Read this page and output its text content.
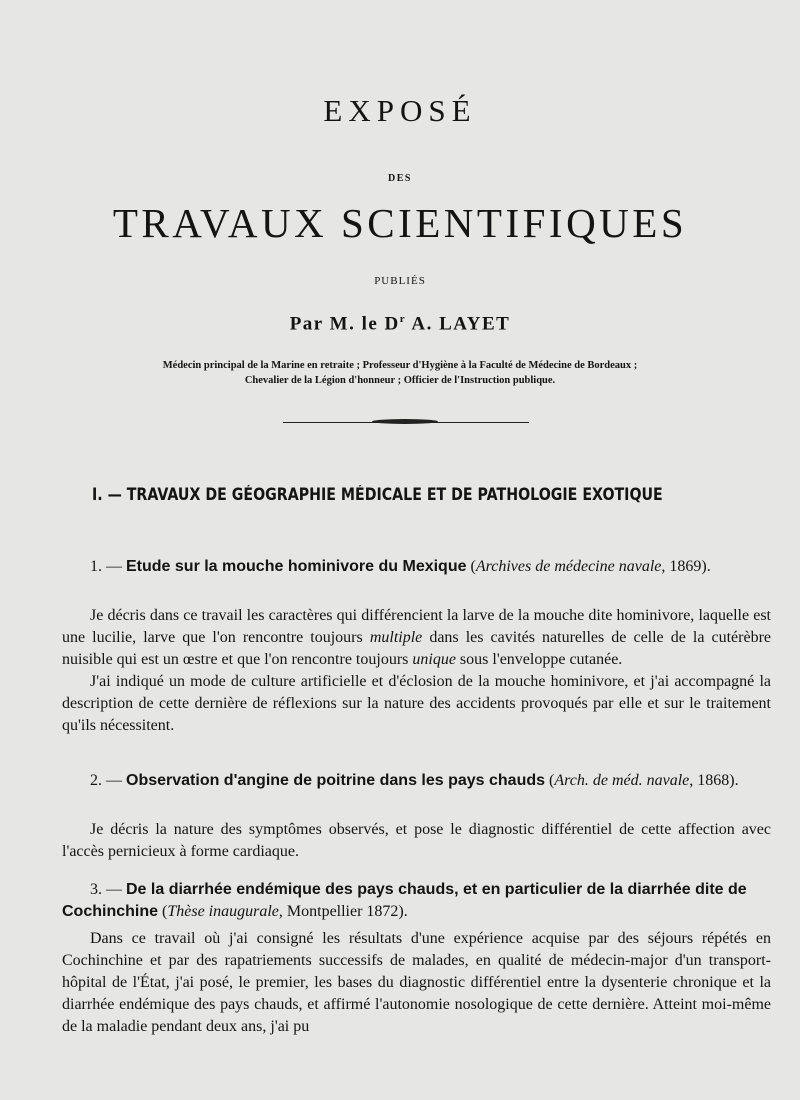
EXPOSÉ
DES
TRAVAUX SCIENTIFIQUES
PUBLIÉS
Par M. le $D^r$ A. LAYET
Médecin principal de la Marine en retraite ; Professeur d'Hygiène à la Faculté de Médecine de Bordeaux ;
Chevalier de la Légion d'honneur ; Officier de l'Instruction publique.
I. — TRAVAUX DE GÉOGRAPHIE MÉDICALE ET DE PATHOLOGIE EXOTIQUE
1. — Etude sur la mouche hominivore du Mexique (Archives de médecine navale, 1869).

Je décris dans ce travail les caractères qui différencient la larve de la mouche dite hominivore, laquelle est une lucilie, larve que l'on rencontre toujours multiple dans les cavités naturelles de celle de la cutérèbre nuisible qui est un œstre et que l'on rencontre toujours unique sous l'enveloppe cutanée.

J'ai indiqué un mode de culture artificielle et d'éclosion de la mouche hominivore, et j'ai accompagné la description de cette dernière de réflexions sur la nature des accidents provoqués par elle et sur le traitement qu'ils nécessitent.

2. — Observation d'angine de poitrine dans les pays chauds (Arch. de méd. navale, 1868).

Je décris la nature des symptômes observés, et pose le diagnostic différentiel de cette affection avec l'accès pernicieux à forme cardiaque.

3. — De la diarrhée endémique des pays chauds, et en particulier de la diarrhée dite de Cochinchine (Thèse inaugurale, Montpellier 1872).

Dans ce travail où j'ai consigné les résultats d'une expérience acquise par des séjours répétés en Cochinchine et par des rapatriements successifs de malades, en qualité de médecin-major d'un transport-hôpital de l'État, j'ai posé, le premier, les bases du diagnostic différentiel entre la dysenterie chronique et la diarrhée endémique des pays chauds, et affirmé l'autonomie nosologique de cette dernière. Atteint moi-même de la maladie pendant deux ans, j'ai pu
